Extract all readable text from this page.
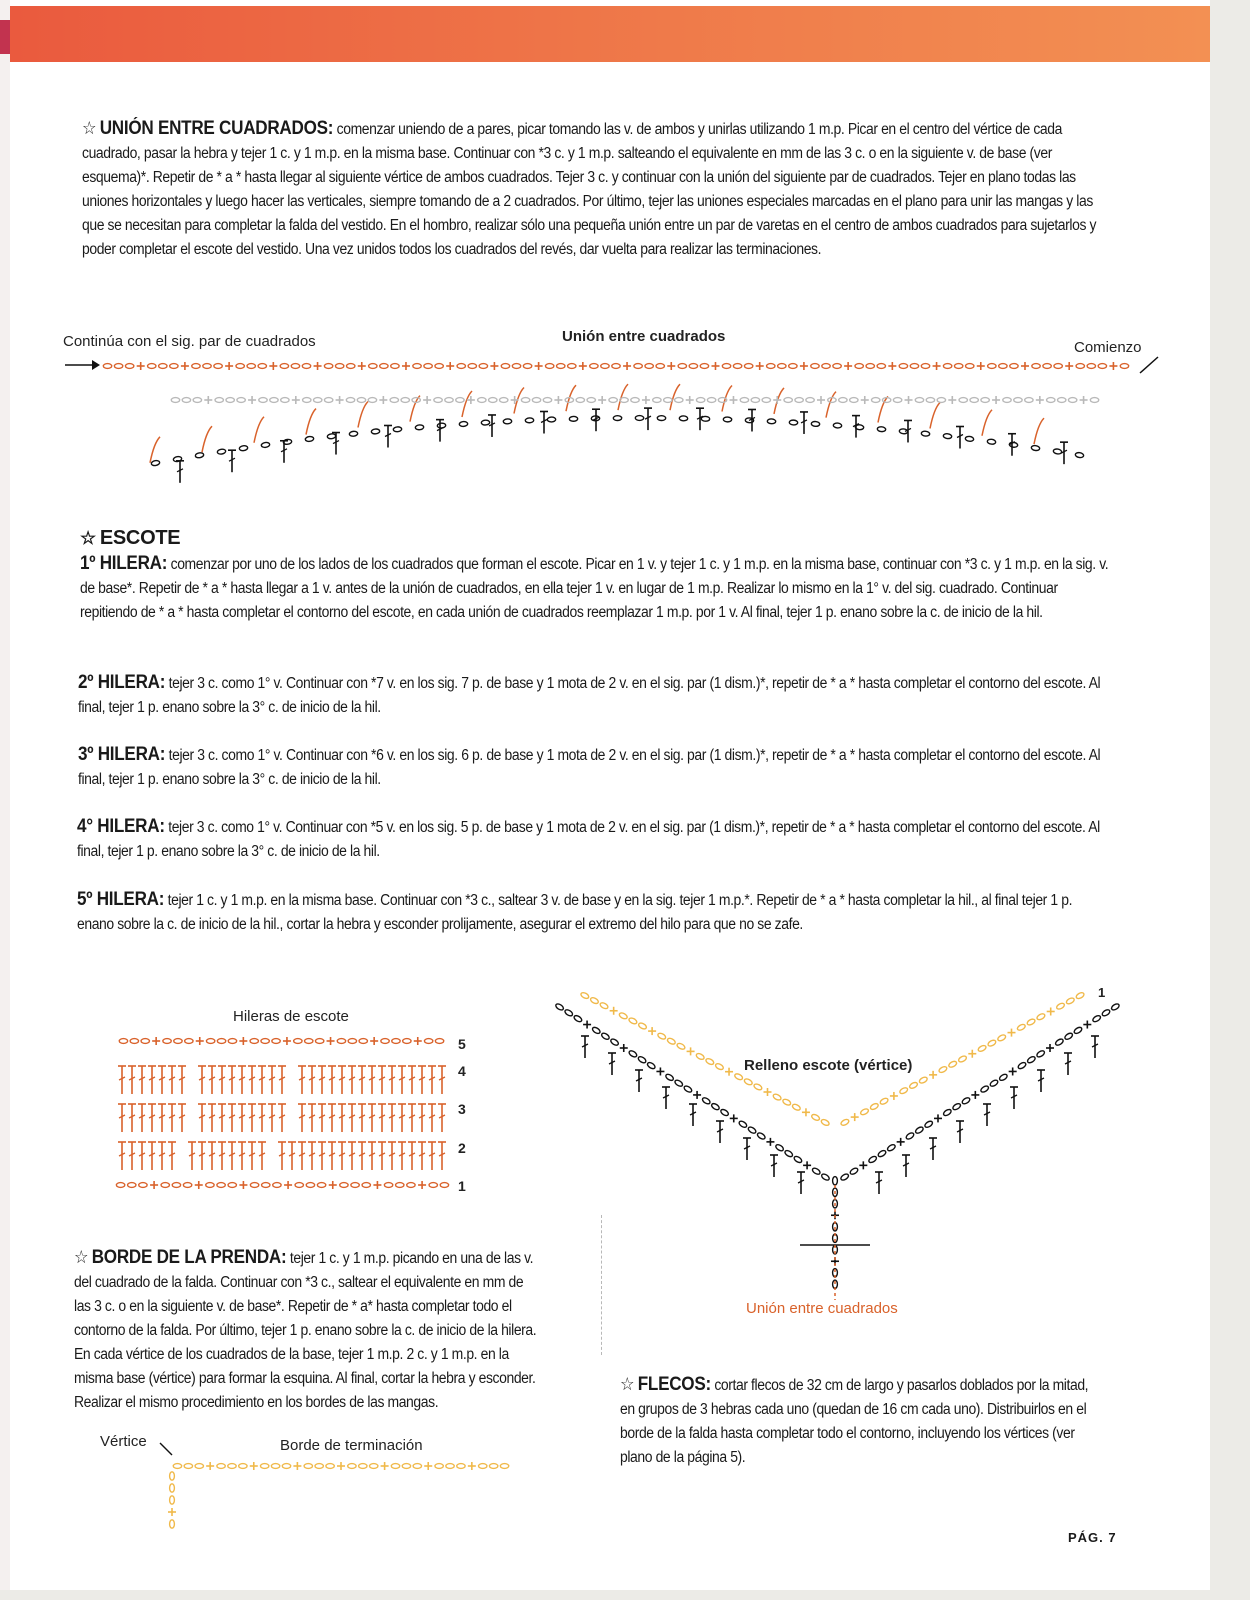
☆ UNIÓN ENTRE CUADRADOS: comenzar uniendo de a pares, picar tomando las v. de ambos y unirlas utilizando 1 m.p. Picar en el centro del vértice de cada cuadrado, pasar la hebra y tejer 1 c. y 1 m.p. en la misma base. Continuar con *3 c. y 1 m.p. salteando el equivalente en mm de las 3 c. o en la siguiente v. de base (ver esquema)*. Repetir de * a * hasta llegar al siguiente vértice de ambos cuadrados. Tejer 3 c. y continuar con la unión del siguiente par de cuadrados. Tejer en plano todas las uniones horizontales y luego hacer las verticales, siempre tomando de a 2 cuadrados. Por último, tejer las uniones especiales marcadas en el plano para unir las mangas y las que se necesitan para completar la falda del vestido. En el hombro, realizar sólo una pequeña unión entre un par de varetas en el centro de ambos cuadrados para sujetarlos y poder completar el escote del vestido. Una vez unidos todos los cuadrados del revés, dar vuelta para realizar las terminaciones.
Continúa con el sig. par de cuadrados	Unión entre cuadrados
Comienzo
☆ ESCOTE
1º HILERA: comenzar por uno de los lados de los cuadrados que forman el escote. Picar en 1 v. y tejer 1 c. y 1 m.p. en la misma base, continuar con *3 c. y 1 m.p. en la sig. v. de base*. Repetir de * a * hasta llegar a 1 v. antes de la unión de cuadrados, en ella tejer 1 v. en lugar de 1 m.p. Realizar lo mismo en la 1° v. del sig. cuadrado. Continuar repitiendo de * a * hasta completar el contorno del escote, en cada unión de cuadrados reemplazar 1 m.p. por 1 v. Al final, tejer 1 p. enano sobre la c. de inicio de la hil.
2º HILERA: tejer 3 c. como 1° v. Continuar con *7 v. en los sig. 7 p. de base y 1 mota de 2 v. en el sig. par (1 dism.)*, repetir de * a * hasta completar el contorno del escote. Al final, tejer 1 p. enano sobre la 3° c. de inicio de la hil.
3º HILERA: tejer 3 c. como 1° v. Continuar con *6 v. en los sig. 6 p. de base y 1 mota de 2 v. en el sig. par (1 dism.)*, repetir de * a * hasta completar el contorno del escote. Al final, tejer 1 p. enano sobre la 3° c. de inicio de la hil.
4° HILERA: tejer 3 c. como 1° v. Continuar con *5 v. en los sig. 5 p. de base y 1 mota de 2 v. en el sig. par (1 dism.)*, repetir de * a * hasta completar el contorno del escote. Al final, tejer 1 p. enano sobre la 3° c. de inicio de la hil.
5º HILERA: tejer 1 c. y 1 m.p. en la misma base. Continuar con *3 c., saltear 3 v. de base y en la sig. tejer 1 m.p.*. Repetir de * a * hasta completar la hil., al final tejer 1 p. enano sobre la c. de inicio de la hil., cortar la hebra y esconder prolijamente, asegurar el extremo del hilo para que no se zafe.
Hileras de escote
5
4
3
2
1
Relleno escote (vértice)
Unión entre cuadrados
1
☆ BORDE DE LA PRENDA: tejer 1 c. y 1 m.p. picando en una de las v. del cuadrado de la falda. Continuar con *3 c., saltear el equivalente en mm de las 3 c. o en la siguiente v. de base*. Repetir de * a* hasta completar todo el contorno de la falda. Por último, tejer 1 p. enano sobre la c. de inicio de la hilera. En cada vértice de los cuadrados de la base, tejer 1 m.p. 2 c. y 1 m.p. en la misma base (vértice) para formar la esquina. Al final, cortar la hebra y esconder. Realizar el mismo procedimiento en los bordes de las mangas.
Vértice	Borde de terminación
☆ FLECOS: cortar flecos de 32 cm de largo y pasarlos doblados por la mitad, en grupos de 3 hebras cada uno (quedan de 16 cm cada uno). Distribuirlos en el borde de la falda hasta completar todo el contorno, incluyendo los vértices (ver plano de la página 5).
PÁG. 7
